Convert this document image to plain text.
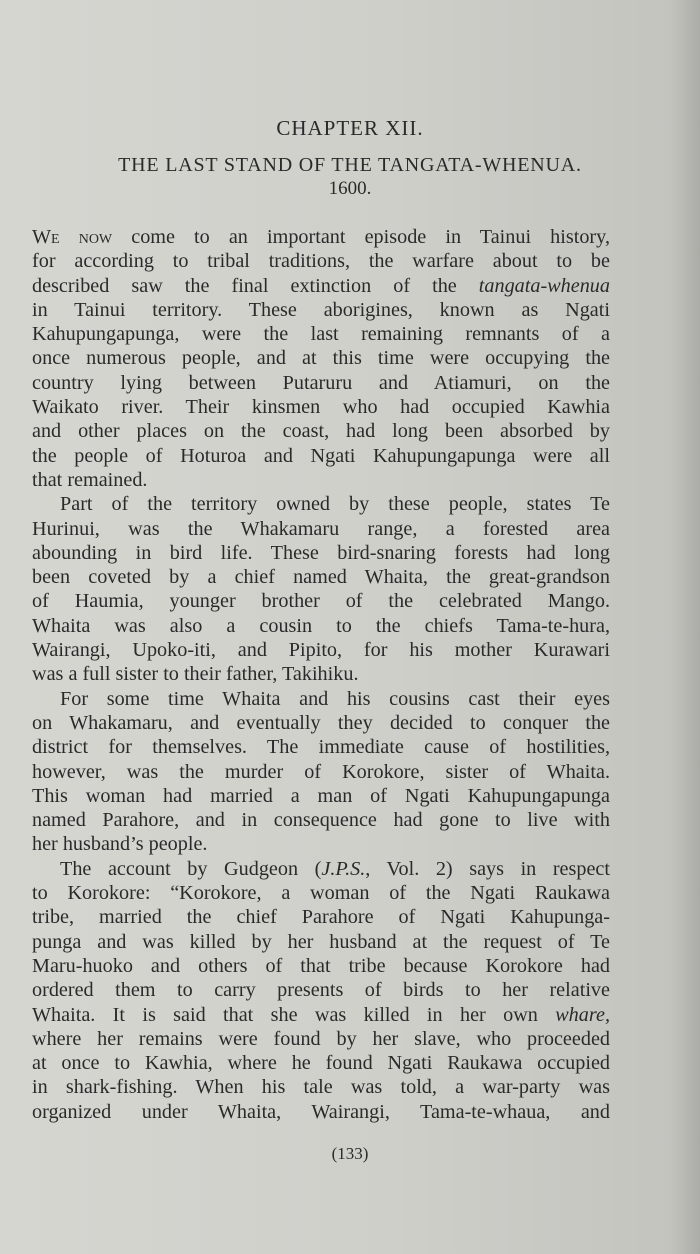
CHAPTER XII.
THE LAST STAND OF THE TANGATA-WHENUA.
1600.
We now come to an important episode in Tainui history,
for according to tribal traditions, the warfare about to be
described saw the final extinction of the tangata-whenua
in Tainui territory. These aborigines, known as Ngati
Kahupungapunga, were the last remaining remnants of a
once numerous people, and at this time were occupying the
country lying between Putaruru and Atiamuri, on the
Waikato river. Their kinsmen who had occupied Kawhia
and other places on the coast, had long been absorbed by
the people of Hoturoa and Ngati Kahupungapunga were all
that remained.
Part of the territory owned by these people, states Te
Hurinui, was the Whakamaru range, a forested area
abounding in bird life. These bird-snaring forests had long
been coveted by a chief named Whaita, the great-grandson
of Haumia, younger brother of the celebrated Mango.
Whaita was also a cousin to the chiefs Tama-te-hura,
Wairangi, Upoko-iti, and Pipito, for his mother Kurawari
was a full sister to their father, Takihiku.
For some time Whaita and his cousins cast their eyes
on Whakamaru, and eventually they decided to conquer the
district for themselves. The immediate cause of hostilities,
however, was the murder of Korokore, sister of Whaita.
This woman had married a man of Ngati Kahupungapunga
named Parahore, and in consequence had gone to live with
her husband’s people.
The account by Gudgeon (J.P.S., Vol. 2) says in respect
to Korokore: “Korokore, a woman of the Ngati Raukawa
tribe, married the chief Parahore of Ngati Kahupunga-
punga and was killed by her husband at the request of Te
Maru-huoko and others of that tribe because Korokore had
ordered them to carry presents of birds to her relative
Whaita. It is said that she was killed in her own whare,
where her remains were found by her slave, who proceeded
at once to Kawhia, where he found Ngati Raukawa occupied
in shark-fishing. When his tale was told, a war-party was
organized under Whaita, Wairangi, Tama-te-whaua, and
(133)
